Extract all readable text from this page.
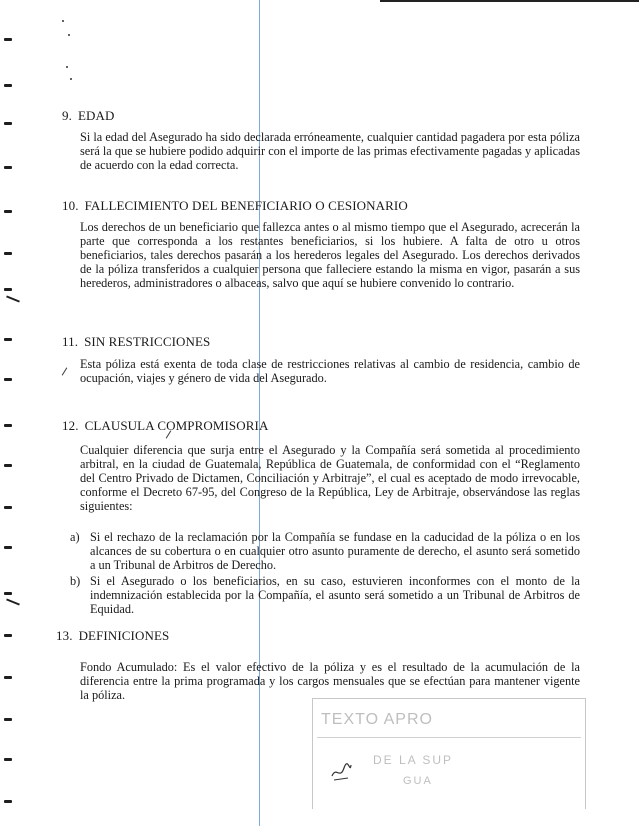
9. EDAD
Si la edad del Asegurado ha sido declarada erróneamente, cualquier cantidad pagadera por esta póliza será la que se hubiere podido adquirir con el importe de las primas efectivamente pagadas y aplicadas de acuerdo con la edad correcta.
10. FALLECIMIENTO DEL BENEFICIARIO O CESIONARIO
Los derechos de un beneficiario que fallezca antes o al mismo tiempo que el Asegurado, acrecerán la parte que corresponda a los restantes beneficiarios, si los hubiere. A falta de otro u otros beneficiarios, tales derechos pasarán a los herederos legales del Asegurado. Los derechos derivados de la póliza transferidos a cualquier persona que falleciere estando la misma en vigor, pasarán a sus herederos, administradores o albaceas, salvo que aquí se hubiere convenido lo contrario.
11. SIN RESTRICCIONES
Esta póliza está exenta de toda clase de restricciones relativas al cambio de residencia, cambio de ocupación, viajes y género de vida del Asegurado.
12. CLAUSULA COMPROMISORIA
Cualquier diferencia que surja entre el Asegurado y la Compañía será sometida al procedimiento arbitral, en la ciudad de Guatemala, República de Guatemala, de conformidad con el “Reglamento del Centro Privado de Dictamen, Conciliación y Arbitraje”, el cual es aceptado de modo irrevocable, conforme el Decreto 67-95, del Congreso de la República, Ley de Arbitraje, observándose las reglas siguientes:
a) Si el rechazo de la reclamación por la Compañía se fundase en la caducidad de la póliza o en los alcances de su cobertura o en cualquier otro asunto puramente de derecho, el asunto será sometido a un Tribunal de Arbitros de Derecho.
b) Si el Asegurado o los beneficiarios, en su caso, estuvieren inconformes con el monto de la indemnización establecida por la Compañía, el asunto será sometido a un Tribunal de Arbitros de Equidad.
13. DEFINICIONES
Fondo Acumulado: Es el valor efectivo de la póliza y es el resultado de la acumulación de la diferencia entre la prima programada y los cargos mensuales que se efectúan para mantener vigente la póliza.
TEXTO APRO
DE LA SUP
GUA
